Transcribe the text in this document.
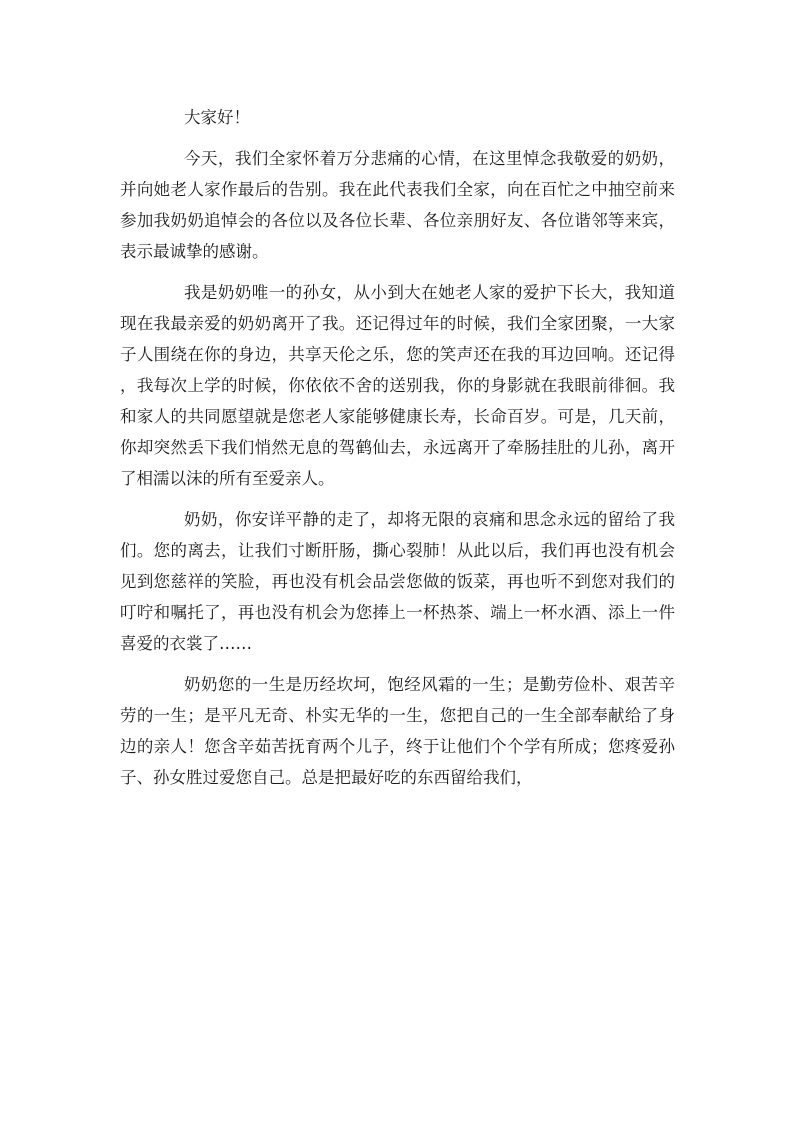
大家好！

今天，我们全家怀着万分悲痛的心情，在这里悼念我敬爱的奶奶，并向她老人家作最后的告别。我在此代表我们全家，向在百忙之中抽空前来参加我奶奶追悼会的各位以及各位长辈、各位亲朋好友、各位谐邻等来宾，表示最诚挚的感谢。

我是奶奶唯一的孙女，从小到大在她老人家的爱护下长大，我知道现在我最亲爱的奶奶离开了我。还记得过年的时候，我们全家团聚，一大家子人围绕在你的身边，共享天伦之乐，您的笑声还在我的耳边回响。还记得，我每次上学的时候，你依依不舍的送别我，你的身影就在我眼前徘徊。我和家人的共同愿望就是您老人家能够健康长寿，长命百岁。可是，几天前，你却突然丢下我们悄然无息的驾鹤仙去，永远离开了牵肠挂肚的儿孙，离开了相濡以沫的所有至爱亲人。

奶奶，你安详平静的走了，却将无限的哀痛和思念永远的留给了我们。您的离去，让我们寸断肝肠，撕心裂肺！从此以后，我们再也没有机会见到您慈祥的笑脸，再也没有机会品尝您做的饭菜，再也听不到您对我们的叮咛和嘱托了，再也没有机会为您捧上一杯热茶、端上一杯水酒、添上一件喜爱的衣裳了……

奶奶您的一生是历经坎坷，饱经风霜的一生；是勤劳俭朴、艰苦辛劳的一生；是平凡无奇、朴实无华的一生，您把自己的一生全部奉献给了身边的亲人！您含辛茹苦抚育两个儿子，终于让他们个个学有所成；您疼爱孙子、孙女胜过爱您自己。总是把最好吃的东西留给我们，
